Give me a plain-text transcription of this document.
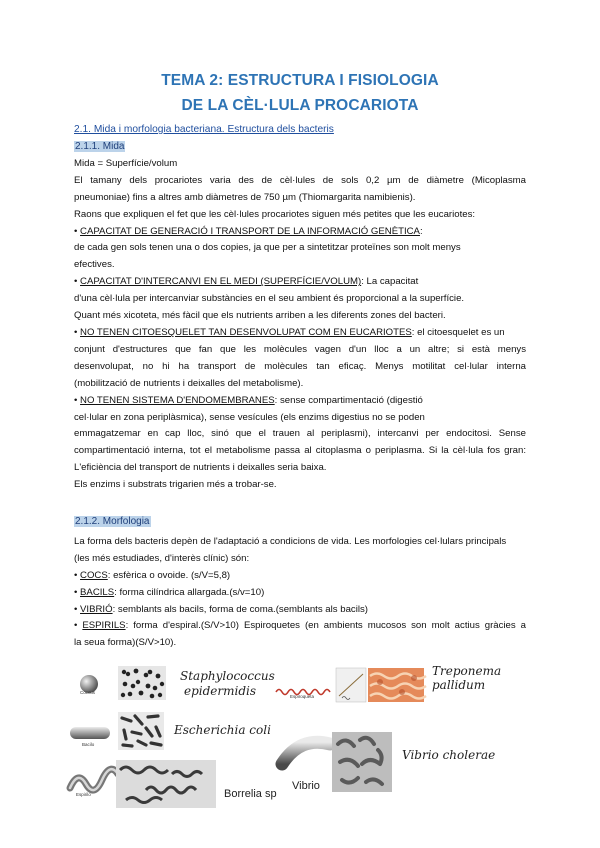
TEMA 2: ESTRUCTURA I FISIOLOGIA
DE LA CÈL·LULA PROCARIOTA
2.1. Mida i morfologia bacteriana. Estructura dels bacteris

2.1.1. Mida

Mida = Superfície/volum

El tamany dels procariotes varia des de cèl·lules de sols 0,2 µm de diàmetre (Micoplasma

pneumoniae) fins a altres amb diàmetres de 750 µm (Thiomargarita namibienis).

Raons que expliquen el fet que les cèl·lules procariotes siguen més petites que les eucariotes:

• CAPACITAT DE GENERACIÓ I TRANSPORT DE LA INFORMACIÓ GENÈTICA:

de cada gen sols tenen una o dos copies, ja que per a sintetitzar proteïnes son molt menys

efectives.

• CAPACITAT D'INTERCANVI EN EL MEDI (SUPERFÍCIE/VOLUM): La capacitat

d'una cèl·lula per intercanviar substàncies en el seu ambient és proporcional a la superfície.

Quant més xicoteta, més fàcil que els nutrients arriben a les diferents zones del bacteri.

• NO TENEN CITOESQUELET TAN DESENVOLUPAT COM EN EUCARIOTES: el citoesquelet es un

conjunt d'estructures que fan que les molècules vagen d'un lloc a un altre; si està menys

desenvolupat, no hi ha transport de molècules tan eficaç. Menys motilitat cel·lular interna

(mobilització de nutrients i deixalles del metabolisme).

• NO TENEN SISTEMA D'ENDOMEMBRANES: sense compartimentació (digestió

cel·lular en zona periplàsmica), sense vesícules (els enzims digestius no se poden

emmagatzemar en cap lloc, sinó que el trauen al periplasmi), intercanvi per endocitosi. Sense

compartimentació interna, tot el metabolisme passa al citoplasma o periplasma. Si la cèl·lula fos gran:

L'eficiència del transport de nutrients i deixalles seria baixa.

Els enzims i substrats trigarien més a trobar-se.

2.1.2. Morfologia

La forma dels bacteris depèn de l'adaptació a condicions de vida. Les morfologies cel·lulars principals

(les més estudiades, d'interès clínic) són:

• COCS: esfèrica o ovoide. (s/V=5,8)

• BACILS: forma cilíndrica allargada.(s/v=10)

• VIBRIÓ: semblants als bacils, forma de coma.(semblants als bacils)

• ESPIRILS: forma d'espiral.(S/V>10) Espiroquetes (en ambients mucosos son molt actius gràcies a

la seua forma)(S/V>10).

Coccus
Staphylococcus
epidermidis
Bacilo
Escherichia coli
Espirilo	Borrelia sp
Espiroqueta
Treponema
pallidum
Vibrio
Vibrio cholerae
